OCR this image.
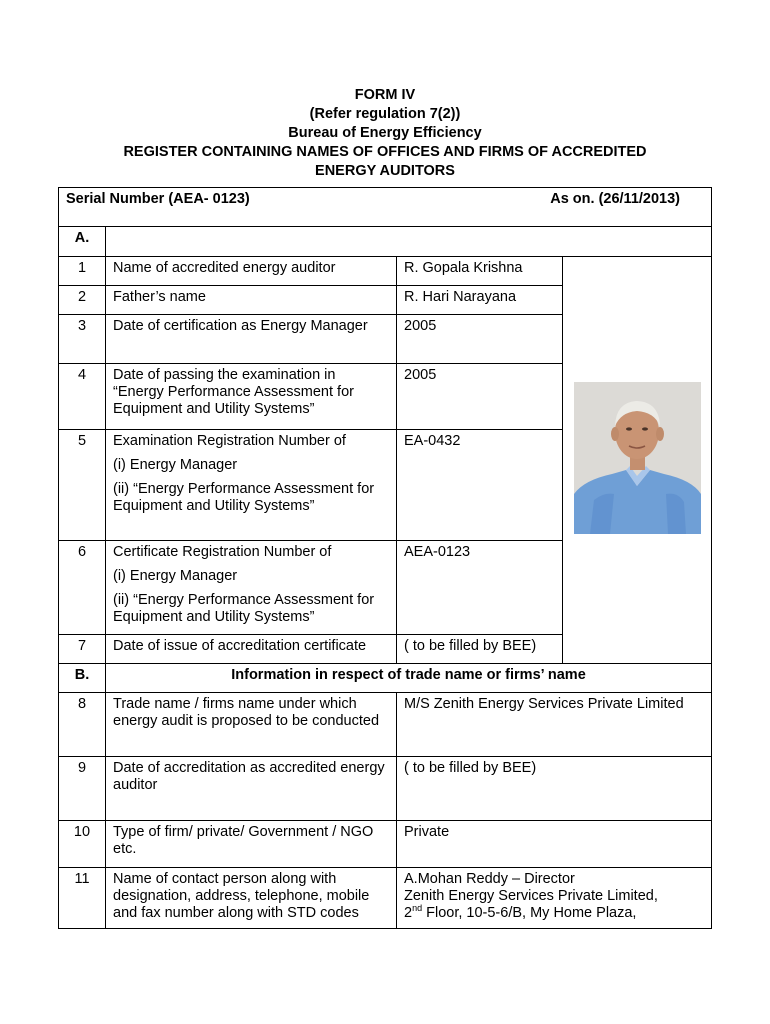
FORM IV
(Refer regulation 7(2))
Bureau of Energy Efficiency
REGISTER CONTAINING NAMES OF OFFICES AND FIRMS OF ACCREDITED
ENERGY AUDITORS
Serial Number (AEA- 0123) As on. (26/11/2013)			

A.			
1	Name of accredited energy auditor	R. Gopala Krishna	

2	Father’s name	R. Hari Narayana	
3	Date of certification as Energy Manager	2005	
4	Date of passing the examination in “Energy Performance Assessment for Equipment and Utility Systems”	2005	
5	Examination Registration Number of
(i) Energy Manager
(ii) “Energy Performance Assessment for Equipment and Utility Systems”	EA-0432	
6	Certificate Registration Number of
(i) Energy Manager
(ii) “Energy Performance Assessment for Equipment and Utility Systems”	AEA-0123	
7	Date of issue of accreditation certificate	( to be filled by BEE)	
B.	Information in respect of trade name or firms’ name		
8	Trade name / firms name under which energy audit is proposed to be conducted	M/S Zenith Energy Services Private Limited	
9	Date of accreditation as accredited energy auditor	( to be filled by BEE)	
10	Type of firm/ private/ Government / NGO etc.	Private	
11	Name of contact person along with designation, address, telephone, mobile and fax number along with STD codes	A.Mohan Reddy – Director
Zenith Energy Services Private Limited,
2nd Floor, 10-5-6/B, My Home Plaza,	
